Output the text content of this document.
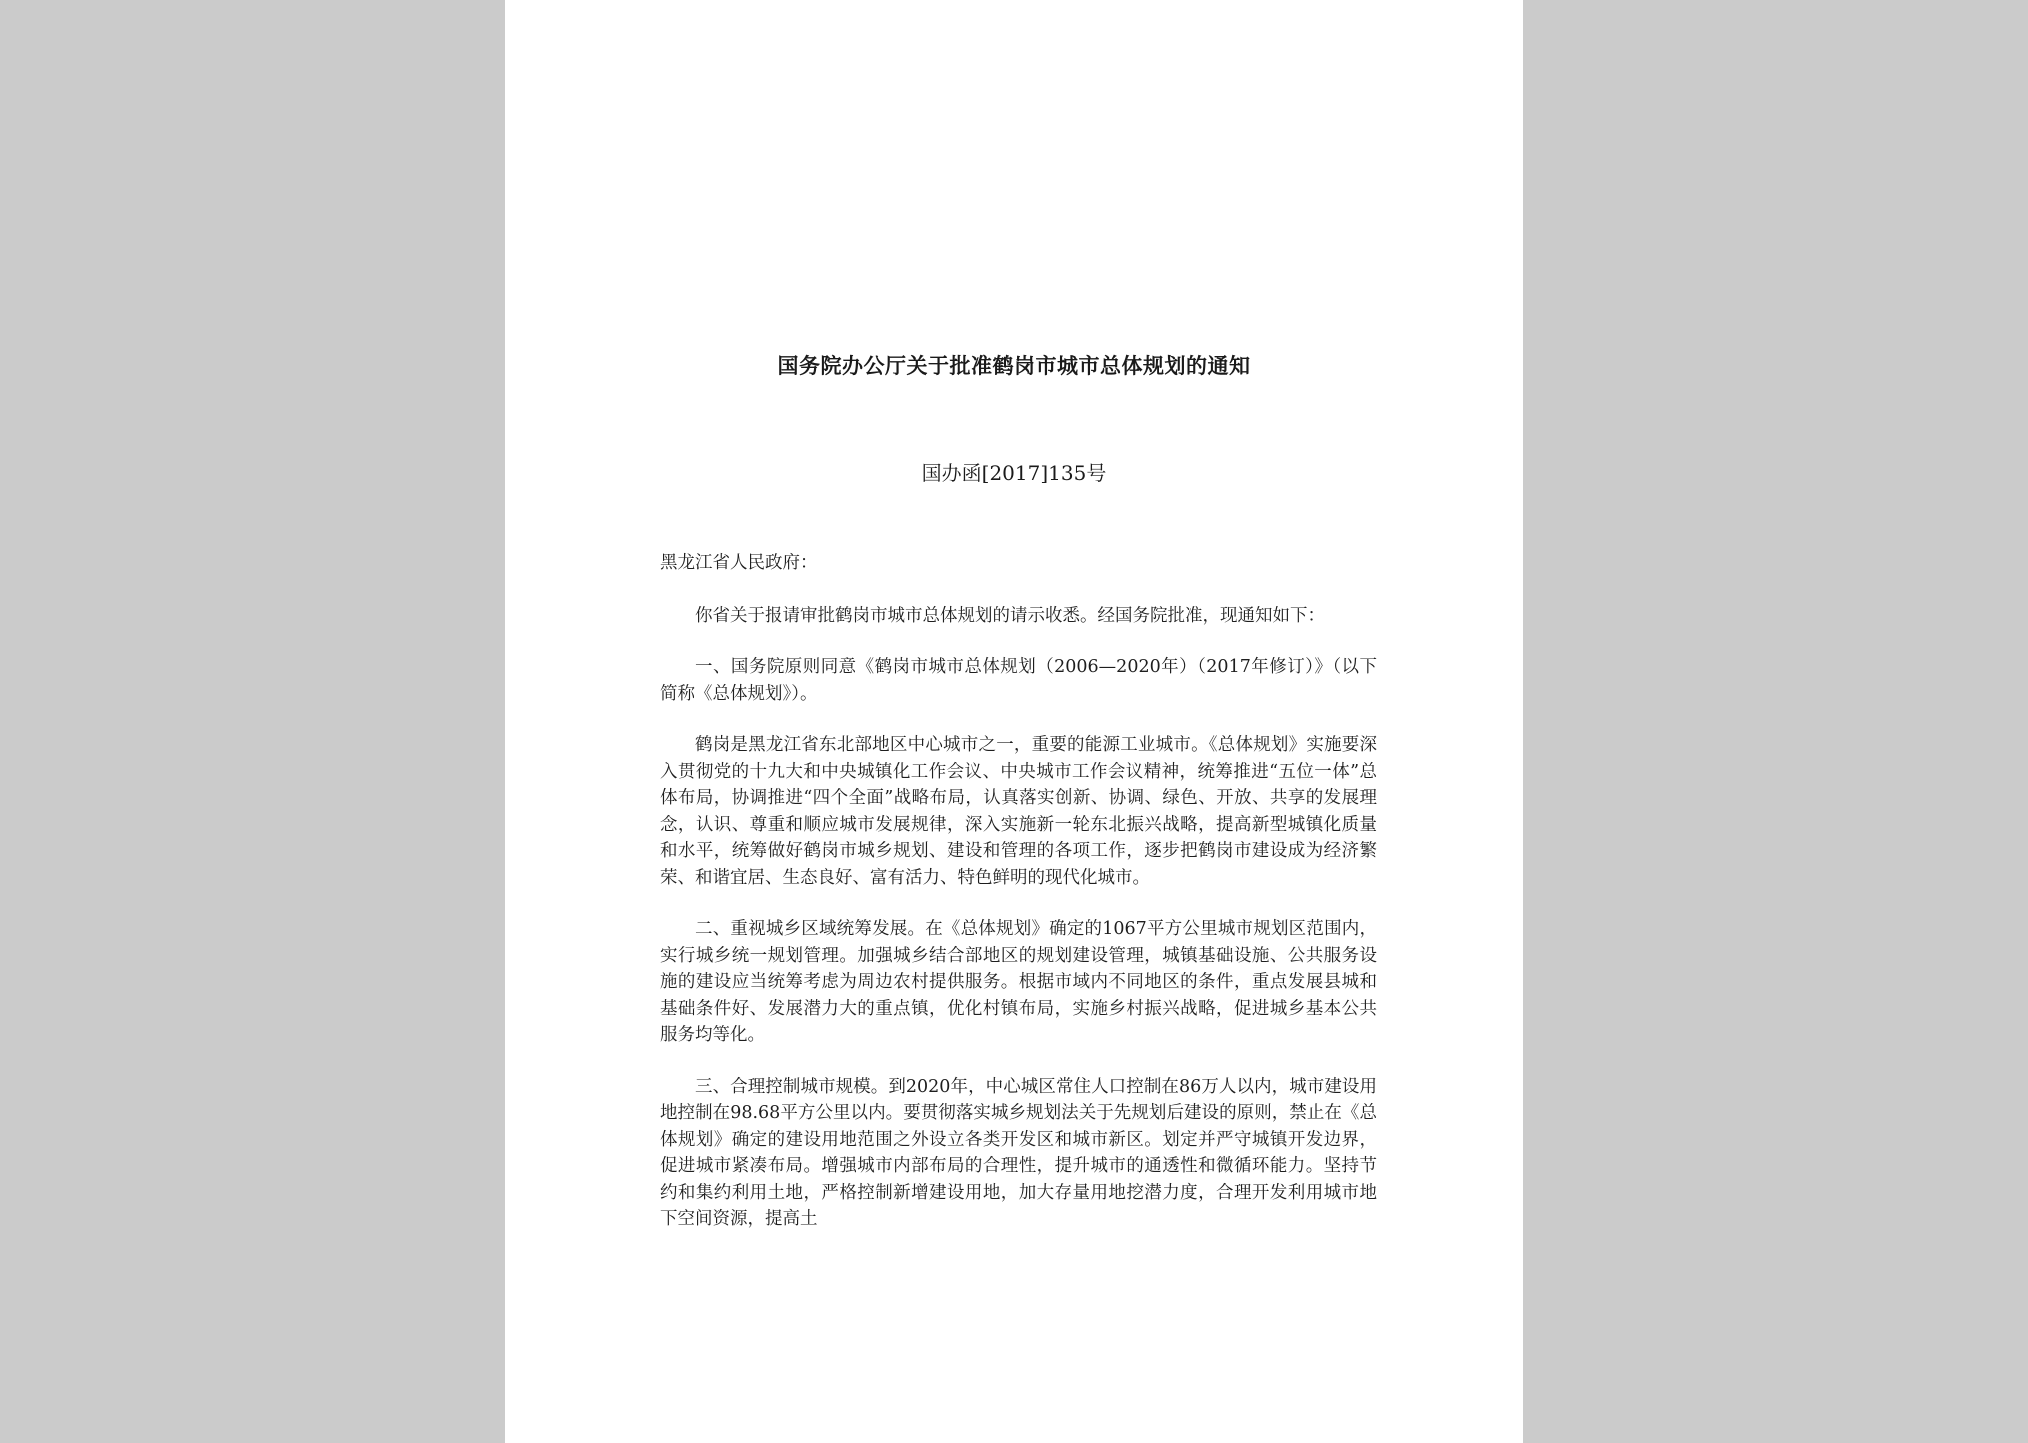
国务院办公厅关于批准鹤岗市城市总体规划的通知
国办函[2017]135号

黑龙江省人民政府：

你省关于报请审批鹤岗市城市总体规划的请示收悉。经国务院批准，现通知如下：

一、国务院原则同意《鹤岗市城市总体规划（2006—2020年）（2017年修订）》（以下简称《总体规划》）。

鹤岗是黑龙江省东北部地区中心城市之一，重要的能源工业城市。《总体规划》实施要深入贯彻党的十九大和中央城镇化工作会议、中央城市工作会议精神，统筹推进“五位一体”总体布局，协调推进“四个全面”战略布局，认真落实创新、协调、绿色、开放、共享的发展理念，认识、尊重和顺应城市发展规律，深入实施新一轮东北振兴战略，提高新型城镇化质量和水平，统筹做好鹤岗市城乡规划、建设和管理的各项工作，逐步把鹤岗市建设成为经济繁荣、和谐宜居、生态良好、富有活力、特色鲜明的现代化城市。

二、重视城乡区域统筹发展。在《总体规划》确定的1067平方公里城市规划区范围内，实行城乡统一规划管理。加强城乡结合部地区的规划建设管理，城镇基础设施、公共服务设施的建设应当统筹考虑为周边农村提供服务。根据市域内不同地区的条件，重点发展县城和基础条件好、发展潜力大的重点镇，优化村镇布局，实施乡村振兴战略，促进城乡基本公共服务均等化。

三、合理控制城市规模。到2020年，中心城区常住人口控制在86万人以内，城市建设用地控制在98.68平方公里以内。要贯彻落实城乡规划法关于先规划后建设的原则，禁止在《总体规划》确定的建设用地范围之外设立各类开发区和城市新区。划定并严守城镇开发边界，促进城市紧凑布局。增强城市内部布局的合理性，提升城市的通透性和微循环能力。坚持节约和集约利用土地，严格控制新增建设用地，加大存量用地挖潜力度，合理开发利用城市地下空间资源，提高土
